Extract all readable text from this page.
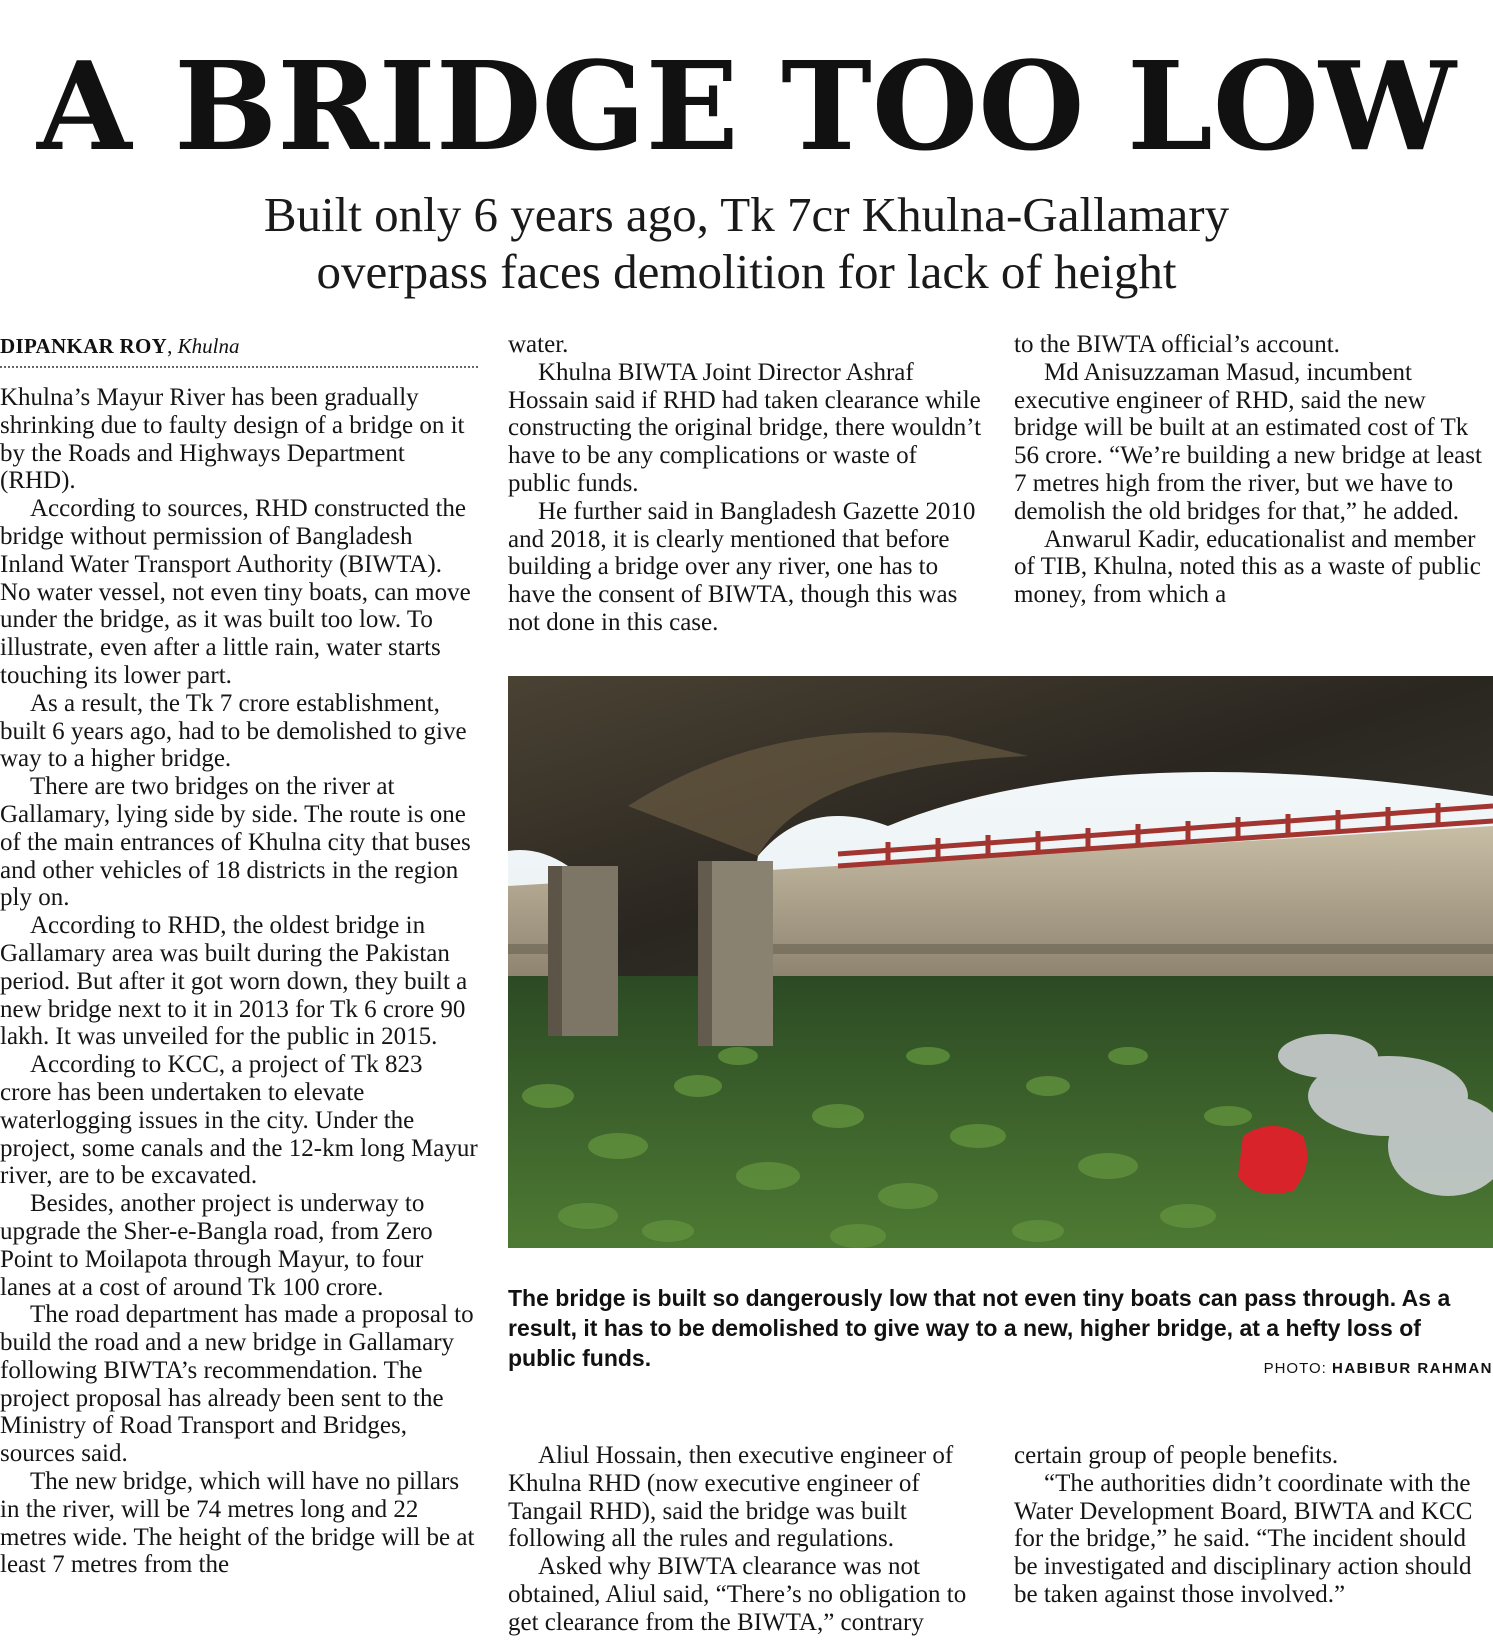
A BRIDGE TOO LOW
Built only 6 years ago, Tk 7cr Khulna-Gallamary
overpass faces demolition for lack of height
DIPANKAR ROY, Khulna

Khulna’s Mayur River has been gradually shrinking due to faulty design of a bridge on it by the Roads and Highways Department (RHD).

According to sources, RHD constructed the bridge without permission of Bangladesh Inland Water Transport Authority (BIWTA). No water vessel, not even tiny boats, can move under the bridge, as it was built too low. To illustrate, even after a little rain, water starts touching its lower part.

As a result, the Tk 7 crore establishment, built 6 years ago, had to be demolished to give way to a higher bridge.

There are two bridges on the river at Gallamary, lying side by side. The route is one of the main entrances of Khulna city that buses and other vehicles of 18 districts in the region ply on.

According to RHD, the oldest bridge in Gallamary area was built during the Pakistan period. But after it got worn down, they built a new bridge next to it in 2013 for Tk 6 crore 90 lakh. It was unveiled for the public in 2015.

According to KCC, a project of Tk 823 crore has been undertaken to elevate waterlogging issues in the city. Under the project, some canals and the 12-km long Mayur river, are to be excavated.

Besides, another project is underway to upgrade the Sher-e-Bangla road, from Zero Point to Moilapota through Mayur, to four lanes at a cost of around Tk 100 crore.

The road department has made a proposal to build the road and a new bridge in Gallamary following BIWTA’s recommendation. The project proposal has already been sent to the Ministry of Road Transport and Bridges, sources said.

The new bridge, which will have no pillars in the river, will be 74 metres long and 22 metres wide. The height of the bridge will be at least 7 metres from the

water.

Khulna BIWTA Joint Director Ashraf Hossain said if RHD had taken clearance while constructing the original bridge, there wouldn’t have to be any complications or waste of public funds.

He further said in Bangladesh Gazette 2010 and 2018, it is clearly mentioned that before building a bridge over any river, one has to have the consent of BIWTA, though this was not done in this case.

to the BIWTA official’s account.

Md Anisuzzaman Masud, incumbent executive engineer of RHD, said the new bridge will be built at an estimated cost of Tk 56 crore. “We’re building a new bridge at least 7 metres high from the river, but we have to demolish the old bridges for that,” he added.

Anwarul Kadir, educationalist and member of TIB, Khulna, noted this as a waste of public money, from which a

The bridge is built so dangerously low that not even tiny boats can pass through. As a result, it has to be demolished to give way to a new, higher bridge, at a hefty loss of public funds.	PHOTO: HABIBUR RAHMAN

Aliul Hossain, then executive engineer of Khulna RHD (now executive engineer of Tangail RHD), said the bridge was built following all the rules and regulations.

Asked why BIWTA clearance was not obtained, Aliul said, “There’s no obligation to get clearance from the BIWTA,” contrary

certain group of people benefits.

“The authorities didn’t coordinate with the Water Development Board, BIWTA and KCC for the bridge,” he said. “The incident should be investigated and disciplinary action should be taken against those involved.”
